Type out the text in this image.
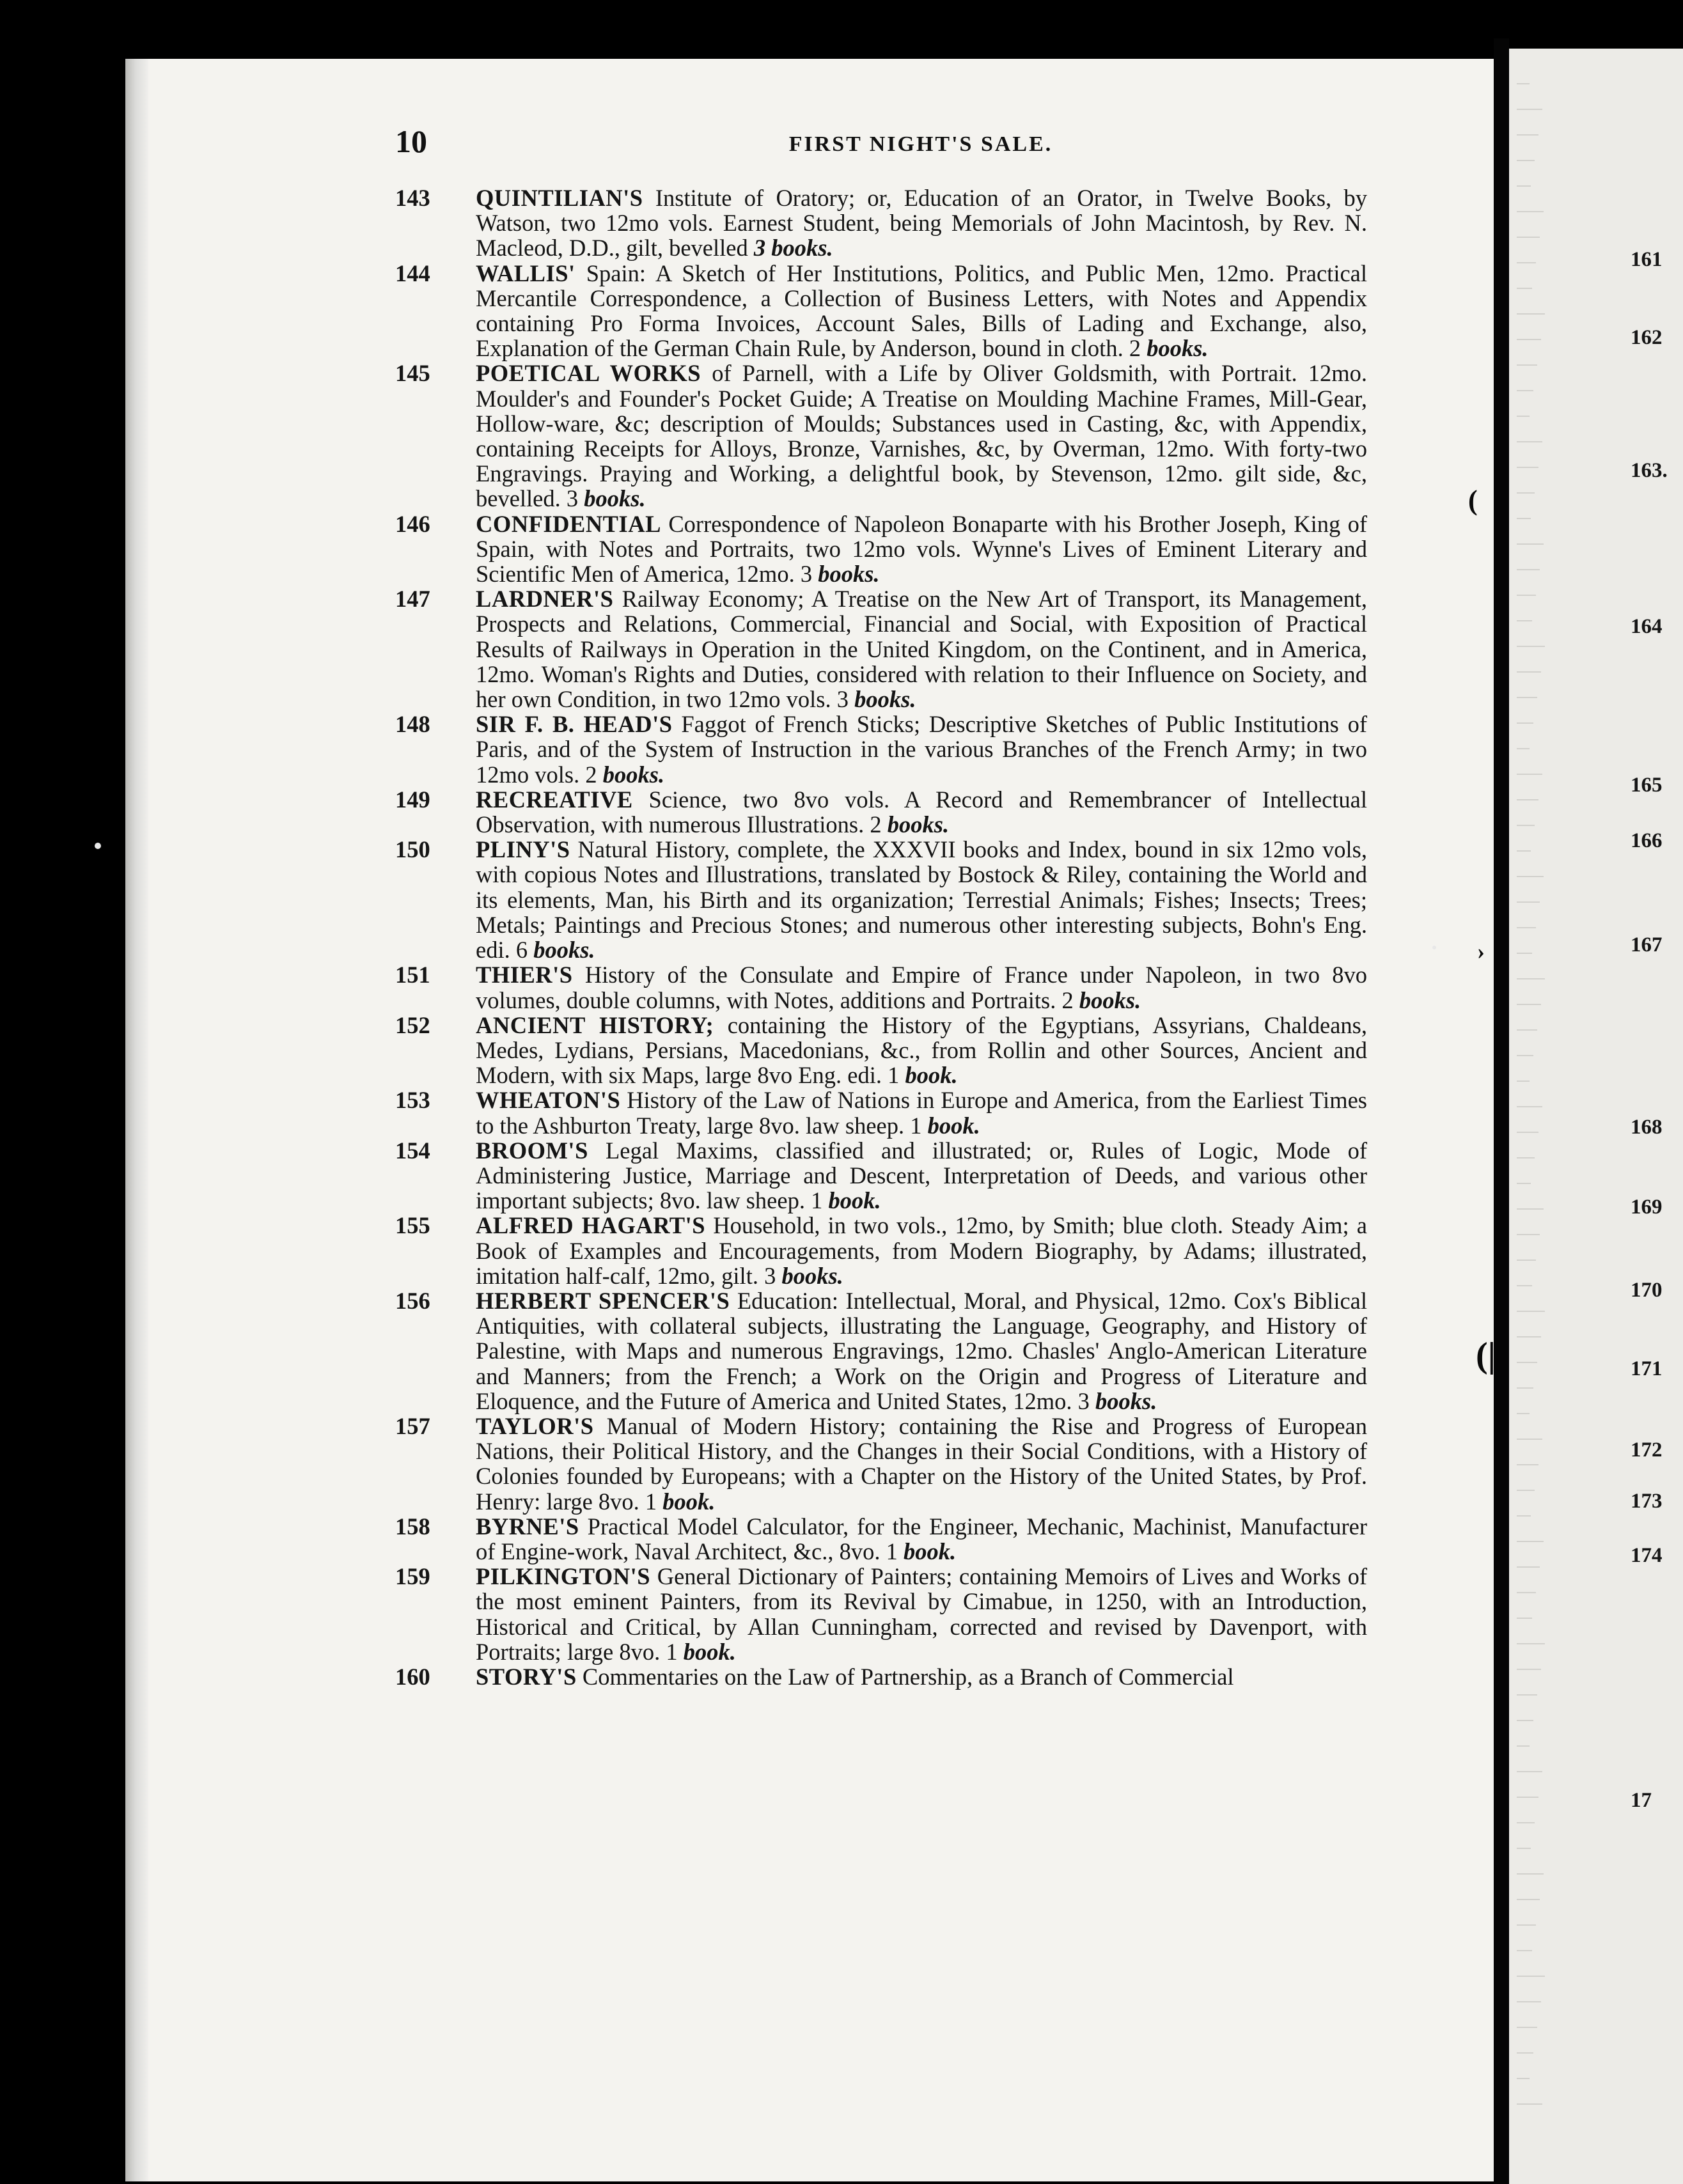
10	FIRST NIGHT'S SALE.
143 QUINTILIAN'S Institute of Oratory; or, Education of an Orator, in Twelve Books, by Watson, two 12mo vols. Earnest Student, being Memorials of John Macintosh, by Rev. N. Macleod, D.D., gilt, bevelled 3 books.
144 WALLIS' Spain: A Sketch of Her Institutions, Politics, and Public Men, 12mo. Practical Mercantile Correspondence, a Collection of Business Letters, with Notes and Appendix containing Pro Forma Invoices, Account Sales, Bills of Lading and Exchange, also, Explanation of the German Chain Rule, by Anderson, bound in cloth. 2 books.
145 POETICAL WORKS of Parnell, with a Life by Oliver Goldsmith, with Portrait. 12mo. Moulder's and Founder's Pocket Guide; A Treatise on Moulding Machine Frames, Mill-Gear, Hollow-ware, &c; description of Moulds; Substances used in Casting, &c, with Appendix, containing Receipts for Alloys, Bronze, Varnishes, &c, by Overman, 12mo. With forty-two Engravings. Praying and Working, a delightful book, by Stevenson, 12mo. gilt side, &c, bevelled. 3 books.
146 CONFIDENTIAL Correspondence of Napoleon Bonaparte with his Brother Joseph, King of Spain, with Notes and Portraits, two 12mo vols. Wynne's Lives of Eminent Literary and Scientific Men of America, 12mo. 3 books.
147 LARDNER'S Railway Economy; A Treatise on the New Art of Transport, its Management, Prospects and Relations, Commercial, Financial and Social, with Exposition of Practical Results of Railways in Operation in the United Kingdom, on the Continent, and in America, 12mo. Woman's Rights and Duties, considered with relation to their Influence on Society, and her own Condition, in two 12mo vols. 3 books.
148 SIR F. B. HEAD'S Faggot of French Sticks; Descriptive Sketches of Public Institutions of Paris, and of the System of Instruction in the various Branches of the French Army; in two 12mo vols. 2 books.
149 RECREATIVE Science, two 8vo vols. A Record and Remembrancer of Intellectual Observation, with numerous Illustrations. 2 books.
150 PLINY'S Natural History, complete, the XXXVII books and Index, bound in six 12mo vols, with copious Notes and Illustrations, translated by Bostock & Riley, containing the World and its elements, Man, his Birth and its organization; Terrestial Animals; Fishes; Insects; Trees; Metals; Paintings and Precious Stones; and numerous other interesting subjects, Bohn's Eng. edi. 6 books.
151 THIER'S History of the Consulate and Empire of France under Napoleon, in two 8vo volumes, double columns, with Notes, additions and Portraits. 2 books.
152 ANCIENT HISTORY; containing the History of the Egyptians, Assyrians, Chaldeans, Medes, Lydians, Persians, Macedonians, &c., from Rollin and other Sources, Ancient and Modern, with six Maps, large 8vo Eng. edi. 1 book.
153 WHEATON'S History of the Law of Nations in Europe and America, from the Earliest Times to the Ashburton Treaty, large 8vo. law sheep. 1 book.
154 BROOM'S Legal Maxims, classified and illustrated; or, Rules of Logic, Mode of Administering Justice, Marriage and Descent, Interpretation of Deeds, and various other important subjects; 8vo. law sheep. 1 book.
155 ALFRED HAGART'S Household, in two vols., 12mo, by Smith; blue cloth. Steady Aim; a Book of Examples and Encouragements, from Modern Biography, by Adams; illustrated, imitation half-calf, 12mo, gilt. 3 books.
156 HERBERT SPENCER'S Education: Intellectual, Moral, and Physical, 12mo. Cox's Biblical Antiquities, with collateral subjects, illustrating the Language, Geography, and History of Palestine, with Maps and numerous Engravings, 12mo. Chasles' Anglo-American Literature and Manners; from the French; a Work on the Origin and Progress of Literature and Eloquence, and the Future of America and United States, 12mo. 3 books.
157 TAYLOR'S Manual of Modern History; containing the Rise and Progress of European Nations, their Political History, and the Changes in their Social Conditions, with a History of Colonies founded by Europeans; with a Chapter on the History of the United States, by Prof. Henry: large 8vo. 1 book.
158 BYRNE'S Practical Model Calculator, for the Engineer, Mechanic, Machinist, Manufacturer of Engine-work, Naval Architect, &c., 8vo. 1 book.
159 PILKINGTON'S General Dictionary of Painters; containing Memoirs of Lives and Works of the most eminent Painters, from its Revival by Cimabue, in 1250, with an Introduction, Historical and Critical, by Allan Cunningham, corrected and revised by Davenport, with Portraits; large 8vo. 1 book.
160 STORY'S Commentaries on the Law of Partnership, as a Branch of Commercial
161
162
163.
164
165
166
167
168
169
170
171
172
173
174
17
(
›
(|
